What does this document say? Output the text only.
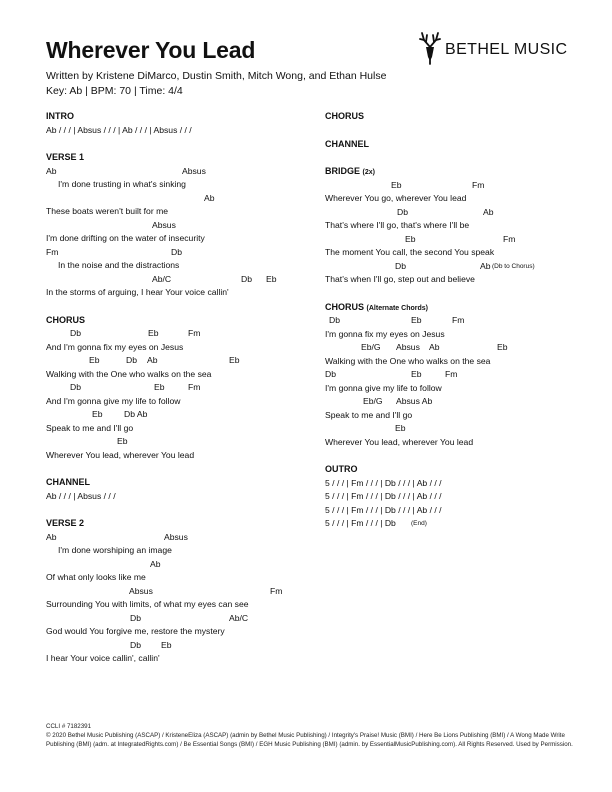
Wherever You Lead
Written by Kristene DiMarco, Dustin Smith, Mitch Wong, and Ethan Hulse
Key: Ab | BPM: 70 | Time: 4/4
BETHEL MUSIC
INTRO
Ab / / / | Absus / / / | Ab / / / | Absus / / /
VERSE 1
Ab	Absus
I'm done trusting in what's sinking
Ab
These boats weren't built for me
Absus
I'm done drifting on the water of insecurity
Fm	Db
In the noise and the distractions
Ab/C	Db Eb
In the storms of arguing, I hear Your voice callin'
CHORUS
Db	Eb	Fm
And I'm gonna fix my eyes on Jesus
Eb	Db Ab	Eb
Walking with the One who walks on the sea
Db	Eb	Fm
And I'm gonna give my life to follow
Eb Db Ab
Speak to me and I'll go
Eb
Wherever You lead, wherever You lead
CHANNEL
Ab / / / | Absus / / /
VERSE 2
Ab	Absus
I'm done worshiping an image
Ab
Of what only looks like me
Absus	Fm
Surrounding You with limits, of what my eyes can see
Db	Ab/C
God would You forgive me, restore the mystery
Db Eb
I hear Your voice callin', callin'
CHORUS
CHANNEL
BRIDGE (2x)
Eb	Fm
Wherever You go, wherever You lead
Db	Ab
That's where I'll go, that's where I'll be
Eb	Fm
The moment You call, the second You speak
Db	Ab (Db to Chorus)
That's when I'll go, step out and believe
CHORUS (Alternate Chords)
Db	Eb	Fm
I'm gonna fix my eyes on Jesus
Eb/G Absus Ab	Eb
Walking with the One who walks on the sea
Db	Eb	Fm
I'm gonna give my life to follow
Eb/G Absus Ab
Speak to me and I'll go
Eb
Wherever You lead, wherever You lead
OUTRO
5 / / / | Fm / / / | Db / / / | Ab / / /
5 / / / | Fm / / / | Db / / / | Ab / / /
5 / / / | Fm / / / | Db / / / | Ab / / /
5 / / / | Fm / / / | Db (End)
CCLI # 7182391
© 2020 Bethel Music Publishing (ASCAP) / KristeneEliza (ASCAP) (admin by Bethel Music Publishing) / Integrity's Praise! Music (BMI) / Here Be Lions Publishing (BMI) / A Wong Made Write Publishing (BMI) (adm. at IntegratedRights.com) / Be Essential Songs (BMI) / EGH Music Publishing (BMI) (admin. by EssentialMusicPublishing.com). All Rights Reserved. Used by Permission.
